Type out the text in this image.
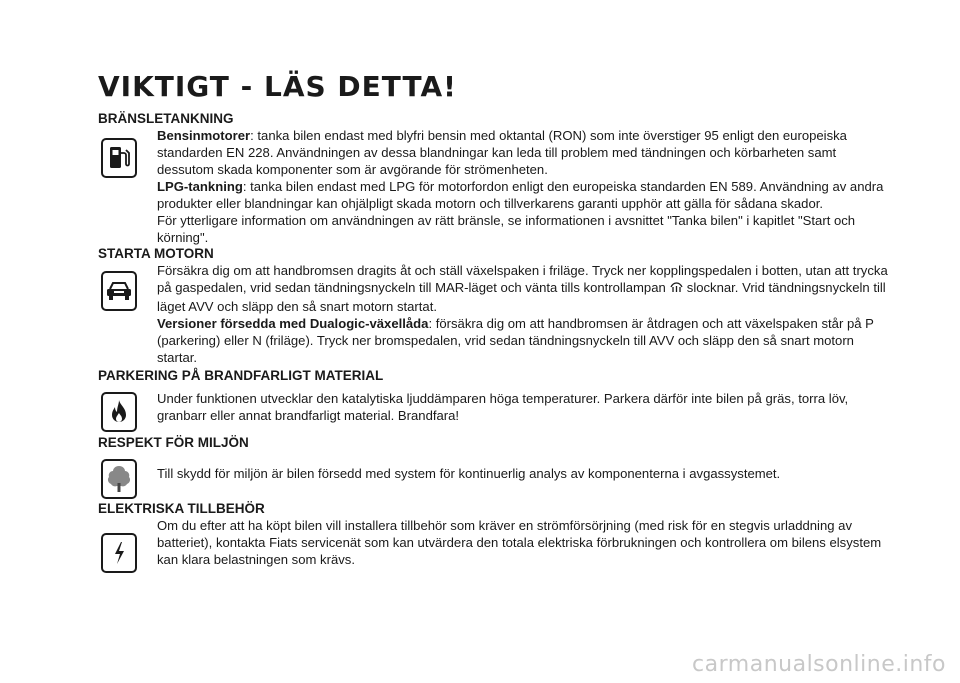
VIKTIGT - LÄS DETTA!
BRÄNSLETANKNING

Bensinmotorer: tanka bilen endast med blyfri bensin med oktantal (RON) som inte överstiger 95 enligt den europeiska standarden EN 228. Användningen av dessa blandningar kan leda till problem med tändningen och körbarheten samt dessutom skada komponenter som är avgörande för strömenheten.

LPG-tankning: tanka bilen endast med LPG för motorfordon enligt den europeiska standarden EN 589. Användning av andra produkter eller blandningar kan ohjälpligt skada motorn och tillverkarens garanti upphör att gälla för sådana skador.

För ytterligare information om användningen av rätt bränsle, se informationen i avsnittet "Tanka bilen" i kapitlet "Start och körning".

STARTA MOTORN

Försäkra dig om att handbromsen dragits åt och ställ växelspaken i friläge. Tryck ner kopplingspedalen i botten, utan att trycka på gaspedalen, vrid sedan tändningsnyckeln till MAR-läget och vänta tills kontrollampan slocknar. Vrid tändningsnyckeln till läget AVV och släpp den så snart motorn startat.

Versioner försedda med Dualogic-växellåda: försäkra dig om att handbromsen är åtdragen och att växelspaken står på P (parkering) eller N (friläge). Tryck ner bromspedalen, vrid sedan tändningsnyckeln till AVV och släpp den så snart motorn startar.

PARKERING PÅ BRANDFARLIGT MATERIAL

Under funktionen utvecklar den katalytiska ljuddämparen höga temperaturer. Parkera därför inte bilen på gräs, torra löv, granbarr eller annat brandfarligt material. Brandfara!

RESPEKT FÖR MILJÖN

Till skydd för miljön är bilen försedd med system för kontinuerlig analys av komponenterna i avgassystemet.

ELEKTRISKA TILLBEHÖR

Om du efter att ha köpt bilen vill installera tillbehör som kräver en strömförsörjning (med risk för en stegvis urladdning av batteriet), kontakta Fiats servicenät som kan utvärdera den totala elektriska förbrukningen och kontrollera om bilens elsystem kan klara belastningen som krävs.

carmanualsonline.info
